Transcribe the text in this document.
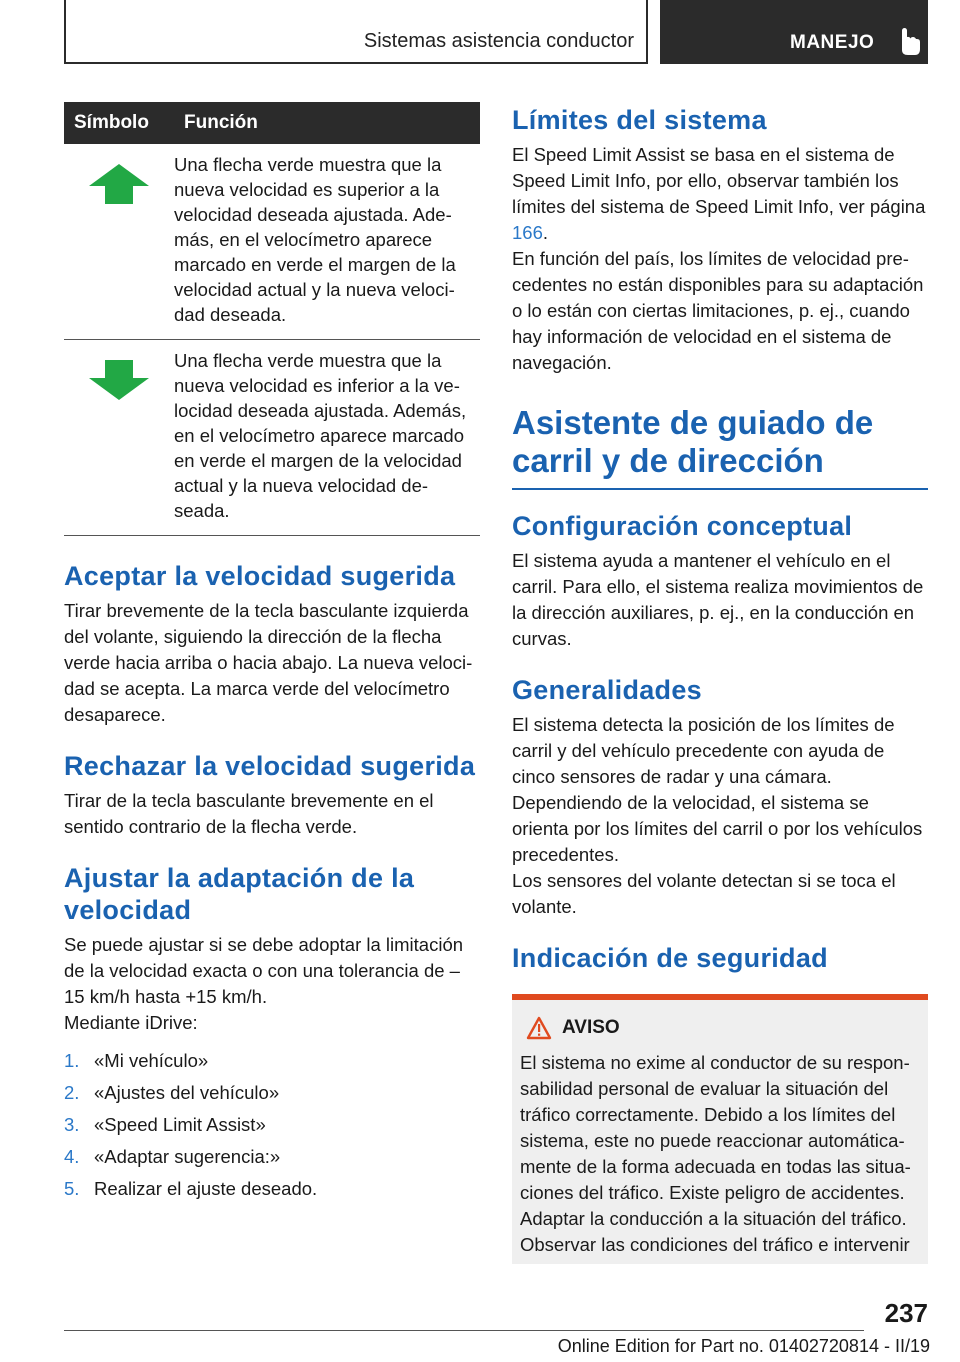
Sistemas asistencia conductor	MANEJO
Símbolo	Función
	Una flecha verde muestra que la nueva velocidad es superior a la velocidad deseada ajustada. Además, en el velocímetro aparece marcado en verde el margen de la velocidad actual y la nueva velocidad deseada.
	Una flecha verde muestra que la nueva velocidad es inferior a la velocidad deseada ajustada. Además, en el velocímetro aparece marcado en verde el margen de la velocidad actual y la nueva velocidad deseada.
Aceptar la velocidad sugerida

Tirar brevemente de la tecla basculante izquierda del volante, siguiendo la dirección de la flecha verde hacia arriba o hacia abajo. La nueva velocidad se acepta. La marca verde del velocímetro desaparece.

Rechazar la velocidad sugerida

Tirar de la tecla basculante brevemente en el sentido contrario de la flecha verde.

Ajustar la adaptación de la velocidad

Se puede ajustar si se debe adoptar la limitación de la velocidad exacta o con una tolerancia de –15 km/h hasta +15 km/h.

Mediante iDrive:

1. «Mi vehículo»
2. «Ajustes del vehículo»
3. «Speed Limit Assist»
4. «Adaptar sugerencia:»
5. Realizar el ajuste deseado.
Límites del sistema

El Speed Limit Assist se basa en el sistema de Speed Limit Info, por ello, observar también los límites del sistema de Speed Limit Info, ver página 166.

En función del país, los límites de velocidad precedentes no están disponibles para su adaptación o lo están con ciertas limitaciones, p. ej., cuando hay información de velocidad en el sistema de navegación.

Asistente de guiado de carril y de dirección
Configuración conceptual

El sistema ayuda a mantener el vehículo en el carril. Para ello, el sistema realiza movimientos de la dirección auxiliares, p. ej., en la conducción en curvas.

Generalidades

El sistema detecta la posición de los límites de carril y del vehículo precedente con ayuda de cinco sensores de radar y una cámara.

Dependiendo de la velocidad, el sistema se orienta por los límites del carril o por los vehículos precedentes.

Los sensores del volante detectan si se toca el volante.

Indicación de seguridad
AVISO

El sistema no exime al conductor de su responsabilidad personal de evaluar la situación del tráfico correctamente. Debido a los límites del sistema, este no puede reaccionar automáticamente de la forma adecuada en todas las situaciones del tráfico. Existe peligro de accidentes. Adaptar la conducción a la situación del tráfico. Observar las condiciones del tráfico e intervenir

237
Online Edition for Part no. 01402720814 - II/19
